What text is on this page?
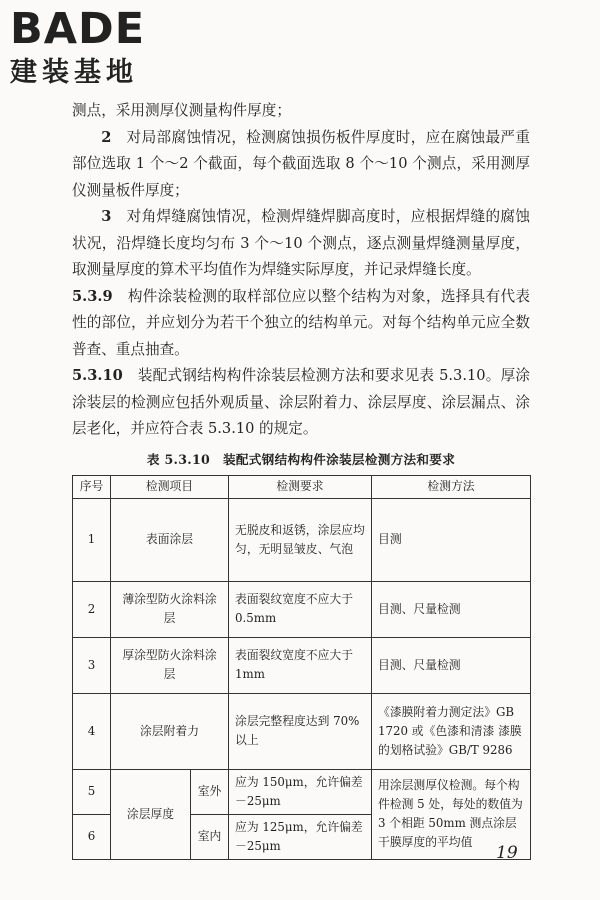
BADE
建装基地

测点，采用测厚仪测量构件厚度；

2　 对局部腐蚀情况，检测腐蚀损伤板件厚度时，应在腐蚀最严重部位选取 1 个～2 个截面，每个截面选取 8 个～10 个测点，采用测厚仪测量板件厚度；

3　 对角焊缝腐蚀情况，检测焊缝焊脚高度时，应根据焊缝的腐蚀状况，沿焊缝长度均匀布 3 个～10 个测点，逐点测量焊缝测量厚度，取测量厚度的算术平均值作为焊缝实际厚度，并记录焊缝长度。

5.3.9　 构件涂装检测的取样部位应以整个结构为对象，选择具有代表性的部位，并应划分为若干个独立的结构单元。对每个结构单元应全数普查、重点抽查。

5.3.10　 装配式钢结构构件涂装层检测方法和要求见表 5.3.10。厚涂涂装层的检测应包括外观质量、涂层附着力、涂层厚度、涂层漏点、涂层老化，并应符合表 5.3.10 的规定。

表 5.3.10　装配式钢结构构件涂装层检测方法和要求
序号	检测项目		检测要求	检测方法
1	表面涂层		无脱皮和返锈，涂层应均匀，无明显皱皮、气泡	目测
2	薄涂型防火涂料涂层		表面裂纹宽度不应大于 0.5mm	目测、尺量检测
3	厚涂型防火涂料涂层		表面裂纹宽度不应大于 1mm	目测、尺量检测
4	涂层附着力		涂层完整程度达到 70%以上	《漆膜附着力测定法》GB 1720 或《色漆和清漆 漆膜的划格试验》GB/T 9286
5	涂层厚度	室外	应为 150μm，允许偏差－25μm	用涂层测厚仪检测。每个构件检测 5 处，每处的数值为 3 个相距 50mm 测点涂层干膜厚度的平均值
6		室内	应为 125μm，允许偏差－25μm		19
